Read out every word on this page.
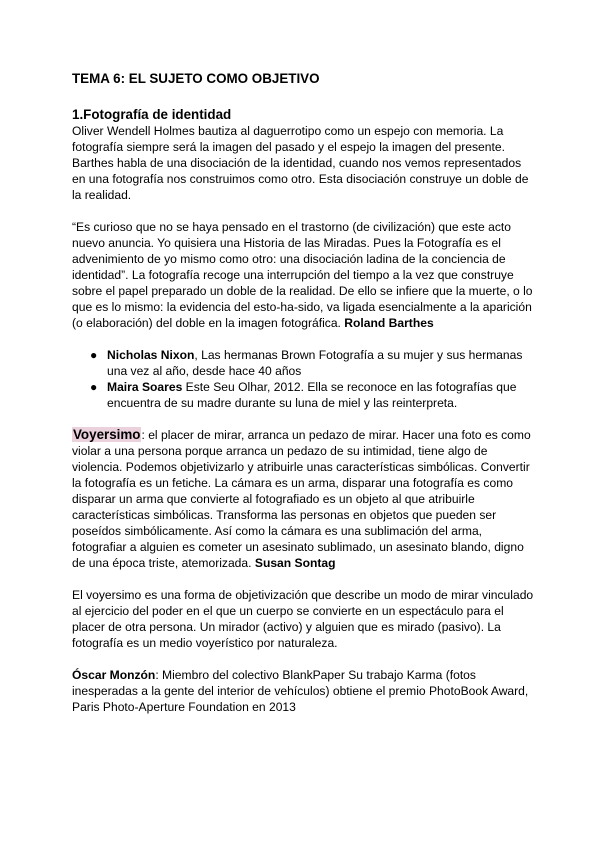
TEMA 6: EL SUJETO COMO OBJETIVO
1.Fotografía de identidad

Oliver Wendell Holmes bautiza al daguerrotipo como un espejo con memoria. La fotografía siempre será la imagen del pasado y el espejo la imagen del presente. Barthes habla de una disociación de la identidad, cuando nos vemos representados en una fotografía nos construimos como otro. Esta disociación construye un doble de la realidad.

“Es curioso que no se haya pensado en el trastorno (de civilización) que este acto nuevo anuncia. Yo quisiera una Historia de las Miradas. Pues la Fotografía es el advenimiento de yo mismo como otro: una disociación ladina de la conciencia de identidad”. La fotografía recoge una interrupción del tiempo a la vez que construye sobre el papel preparado un doble de la realidad. De ello se infiere que la muerte, o lo que es lo mismo: la evidencia del esto-ha-sido, va ligada esencialmente a la aparición (o elaboración) del doble en la imagen fotográfica. Roland Barthes

● Nicholas Nixon, Las hermanas Brown Fotografía a su mujer y sus hermanas una vez al año, desde hace 40 años
● Maira Soares Este Seu Olhar, 2012. Ella se reconoce en las fotografías que encuentra de su madre durante su luna de miel y las reinterpreta.

Voyersimo: el placer de mirar, arranca un pedazo de mirar. Hacer una foto es como violar a una persona porque arranca un pedazo de su intimidad, tiene algo de violencia. Podemos objetivizarlo y atribuirle unas características simbólicas. Convertir la fotografía es un fetiche. La cámara es un arma, disparar una fotografía es como disparar un arma que convierte al fotografiado es un objeto al que atribuirle características simbólicas. Transforma las personas en objetos que pueden ser poseídos simbólicamente. Así como la cámara es una sublimación del arma, fotografiar a alguien es cometer un asesinato sublimado, un asesinato blando, digno de una época triste, atemorizada. Susan Sontag

El voyersimo es una forma de objetivización que describe un modo de mirar vinculado al ejercicio del poder en el que un cuerpo se convierte en un espectáculo para el placer de otra persona. Un mirador (activo) y alguien que es mirado (pasivo). La fotografía es un medio voyerístico por naturaleza.

Óscar Monzón: Miembro del colectivo BlankPaper Su trabajo Karma (fotos inesperadas a la gente del interior de vehículos) obtiene el premio PhotoBook Award, Paris Photo-Aperture Foundation en 2013
